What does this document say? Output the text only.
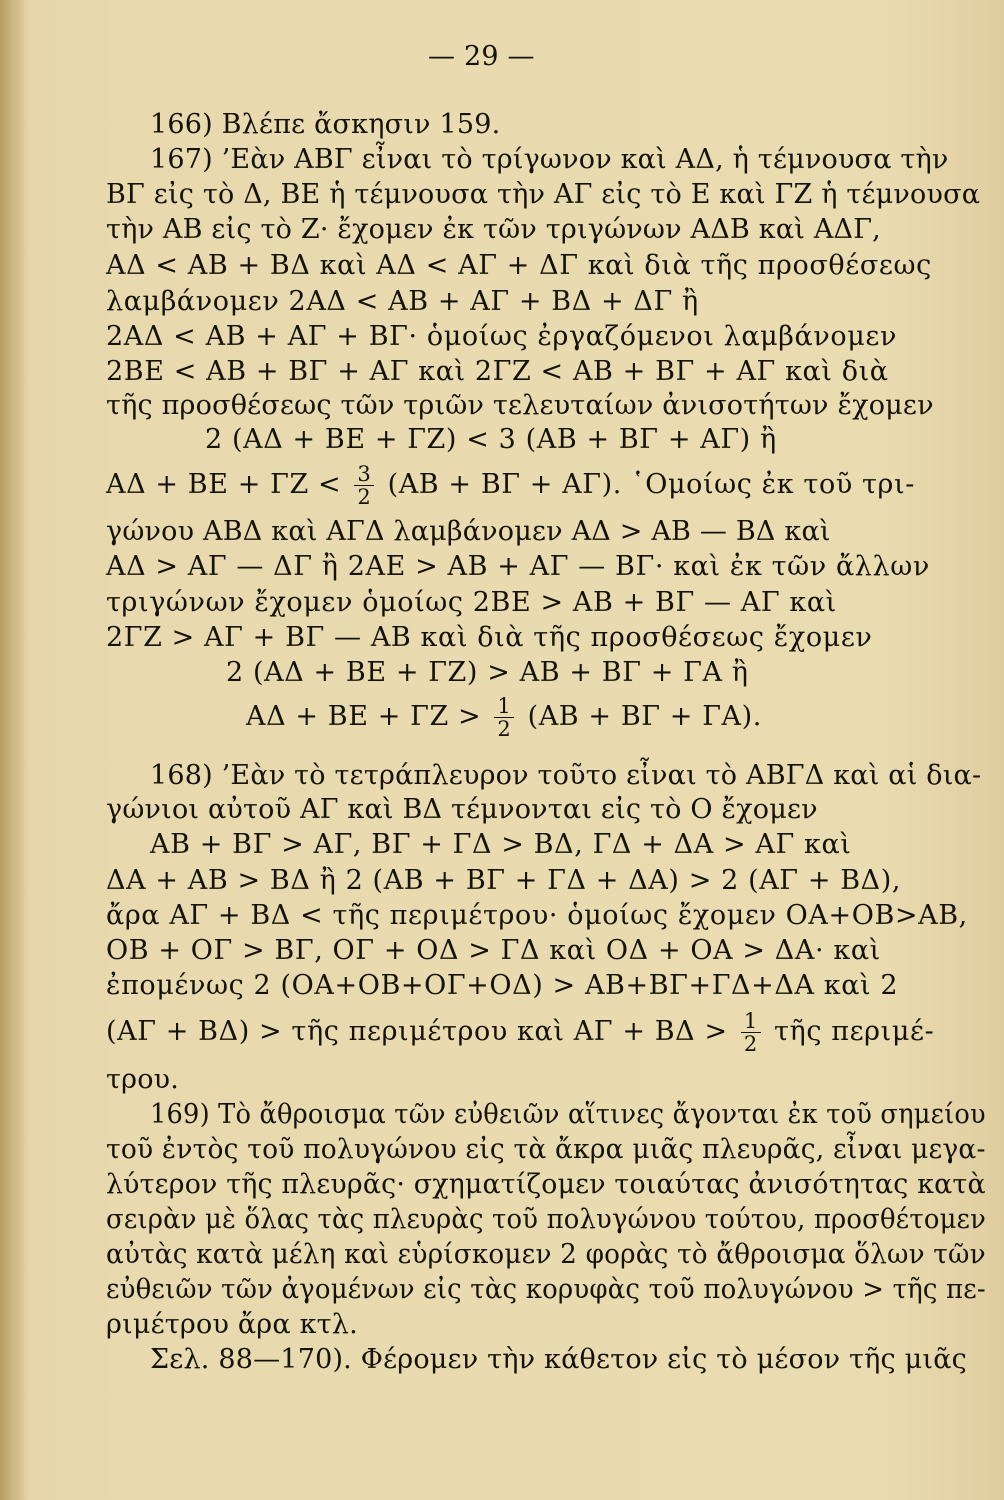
— 29 —

166) Βλέπε ἄσκησιν 159.

167) ’Εὰν ΑΒΓ εἶναι τὸ τρίγωνον καὶ ΑΔ, ἡ τέμνουσα τὴν

ΒΓ εἰς τὸ Δ, ΒΕ ἡ τέμνουσα τὴν ΑΓ εἰς τὸ Ε καὶ ΓΖ ἡ τέμνουσα

τὴν ΑΒ εἰς τὸ Ζ· ἔχομεν ἐκ τῶν τριγώνων ΑΔΒ καὶ ΑΔΓ,

ΑΔ < ΑΒ + ΒΔ καὶ ΑΔ < ΑΓ + ΔΓ καὶ διὰ τῆς προσθέσεως

λαμβάνομεν 2ΑΔ < ΑΒ + ΑΓ + ΒΔ + ΔΓ ἢ

2ΑΔ < ΑΒ + ΑΓ + ΒΓ· ὁμοίως ἐργαζόμενοι λαμβάνομεν

2ΒΕ < ΑΒ + ΒΓ + ΑΓ καὶ 2ΓΖ < ΑΒ + ΒΓ + ΑΓ καὶ διὰ

τῆς προσθέσεως τῶν τριῶν τελευταίων ἀνισοτήτων ἔχομεν

2 (ΑΔ + ΒΕ + ΓΖ) < 3 (ΑΒ + ΒΓ + ΑΓ) ἢ

$A\Delta + BE + \Gamma Z < \frac{3}{2} (AB + B\Gamma + A\Gamma)$. ῾Ομοίως ἐκ τοῦ τρι-

γώνου ΑΒΔ καὶ ΑΓΔ λαμβάνομεν ΑΔ > ΑΒ — ΒΔ καὶ

ΑΔ > ΑΓ — ΔΓ ἢ 2ΑΕ > ΑΒ + ΑΓ — ΒΓ· καὶ ἐκ τῶν ἄλλων

τριγώνων ἔχομεν ὁμοίως 2ΒΕ > ΑΒ + ΒΓ — ΑΓ καὶ

2ΓΖ > ΑΓ + ΒΓ — ΑΒ καὶ διὰ τῆς προσθέσεως ἔχομεν

2 (ΑΔ + ΒΕ + ΓΖ) > ΑΒ + ΒΓ + ΓΑ ἢ

$A\Delta + BE + \Gamma Z > \frac{1}{2} (AB + B\Gamma + \Gamma A)$.

168) ’Εὰν τὸ τετράπλευρον τοῦτο εἶναι τὸ ΑΒΓΔ καὶ αἱ δια-

γώνιοι αὐτοῦ ΑΓ καὶ ΒΔ τέμνονται εἰς τὸ Ο ἔχομεν

ΑΒ + ΒΓ > ΑΓ, ΒΓ + ΓΔ > ΒΔ, ΓΔ + ΔΑ > ΑΓ καὶ

ΔΑ + ΑΒ > ΒΔ ἢ 2 (ΑΒ + ΒΓ + ΓΔ + ΔΑ) > 2 (ΑΓ + ΒΔ),

ἄρα ΑΓ + ΒΔ < τῆς περιμέτρου· ὁμοίως ἔχομεν ΟΑ+ΟΒ>ΑΒ,

ΟΒ + ΟΓ > ΒΓ, ΟΓ + ΟΔ > ΓΔ καὶ ΟΔ + ΟΑ > ΔΑ· καὶ

ἐπομένως 2 (ΟΑ+ΟΒ+ΟΓ+ΟΔ) > ΑΒ+ΒΓ+ΓΔ+ΔΑ καὶ 2

(ΑΓ + ΒΔ) > τῆς περιμέτρου καὶ $A\Gamma + B\Delta > \frac{1}{2}$ τῆς περιμέ-

τρου.

169) Τὸ ἄθροισμα τῶν εὐθειῶν αἵτινες ἄγονται ἐκ τοῦ σημείου

τοῦ ἐντὸς τοῦ πολυγώνου εἰς τὰ ἄκρα μιᾶς πλευρᾶς, εἶναι μεγα-

λύτερον τῆς πλευρᾶς· σχηματίζομεν τοιαύτας ἀνισότητας κατὰ

σειρὰν μὲ ὅλας τὰς πλευρὰς τοῦ πολυγώνου τούτου, προσθέτομεν

αὐτὰς κατὰ μέλη καὶ εὑρίσκομεν 2 φορὰς τὸ ἄθροισμα ὅλων τῶν

εὐθειῶν τῶν ἀγομένων εἰς τὰς κορυφὰς τοῦ πολυγώνου > τῆς πε-

ριμέτρου ἄρα κτλ.

Σελ. 88—170). Φέρομεν τὴν κάθετον εἰς τὸ μέσον τῆς μιᾶς
